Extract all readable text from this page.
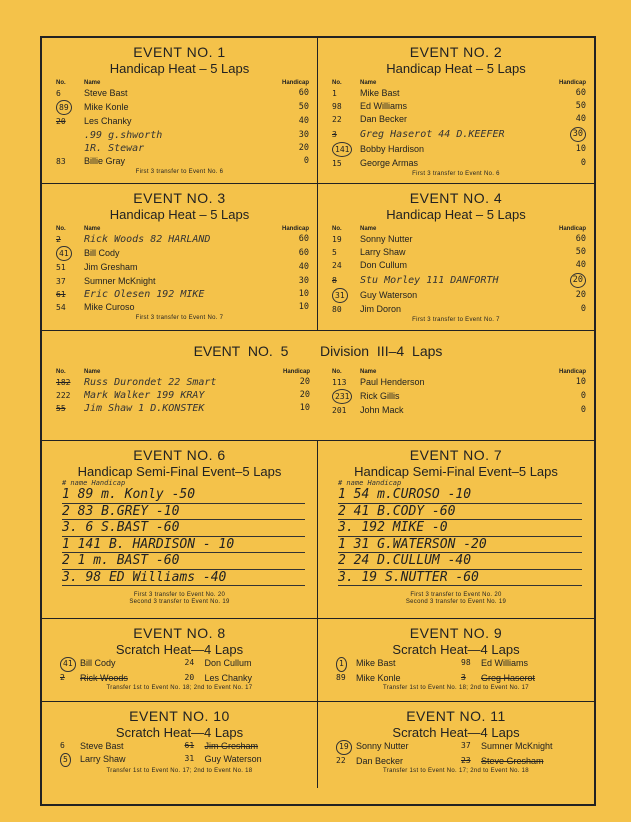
EVENT NO. 1
Handicap Heat – 5 Laps
No.	Name	Handicap
6	Steve Bast	60
89	Mike Konle	50
20	Les Chanky	40
.99 g.shworth	30
1R. Stewar	20
83	Billie Gray	0
First 3 transfer to Event No. 6
EVENT NO. 2
Handicap Heat – 5 Laps
No.	Name	Handicap
1	Mike Bast	60
98	Ed Williams	50
22	Dan Becker	40
3	Greg Haserot 44 D.KEEFER	30
141	Bobby Hardison	10
15	George Armas	0
First 3 transfer to Event No. 6
EVENT NO. 3
Handicap Heat – 5 Laps
No.	Name	Handicap
2	Rick Woods 82 HARLAND	60
41	Bill Cody	60
51	Jim Gresham	40
37	Sumner McKnight	30
61	Eric Olesen 192 MIKE	10
54	Mike Curoso	10
First 3 transfer to Event No. 7
EVENT NO. 4
Handicap Heat – 5 Laps
No.	Name	Handicap
19	Sonny Nutter	60
5	Larry Shaw	50
24	Don Cullum	40
8	Stu Morley 111 DANFORTH	20
31	Guy Waterson	20
80	Jim Doron	0
First 3 transfer to Event No. 7
EVENT NO. 5 Division III–4 Laps
No.	Name	Handicap
182	Russ Durondet 22 Smart	20
222	Mark Walker 199 KRAY	20
55	Jim Shaw 1 D.KONSTEK	10
No.	Name	Handicap
113	Paul Henderson	10
231	Rick Gillis	0
201	John Mack	0
EVENT NO. 6
Handicap Semi-Final Event–5 Laps
# name Handicap
1 89 m. Konly -50
2 83 B.GREY -10
3. 6 S.BAST -60
1 141 B. HARDISON - 10
2 1 m. BAST -60
3. 98 ED Williams -40
First 3 transfer to Event No. 20
Second 3 transfer to Event No. 19
EVENT NO. 7
Handicap Semi-Final Event–5 Laps
# name Handicap
1 54 m.CUROSO -10
2 41 B.CODY -60
3. 192 MIKE -0
1 31 G.WATERSON -20
2 24 D.CULLUM -40
3. 19 S.NUTTER -60
First 3 transfer to Event No. 20
Second 3 transfer to Event No. 19
EVENT NO. 8
Scratch Heat—4 Laps
41 Bill Cody	24	Don Cullum
2	Rick Woods	20	Les Chanky
Transfer 1st to Event No. 18; 2nd to Event No. 17
EVENT NO. 9
Scratch Heat—4 Laps
1	Mike Bast	98	Ed Williams
89	Mike Konle	3	Greg Haserot
Transfer 1st to Event No. 18; 2nd to Event No. 17
EVENT NO. 10
Scratch Heat—4 Laps
6	Steve Bast	61	Jim Gresham
5	Larry Shaw	31	Guy Waterson
Transfer 1st to Event No. 17; 2nd to Event No. 18
EVENT NO. 11
Scratch Heat—4 Laps
19 Sonny Nutter	37	Sumner McKnight
22	Dan Becker	23	Steve Gresham
Transfer 1st to Event No. 17; 2nd to Event No. 18
